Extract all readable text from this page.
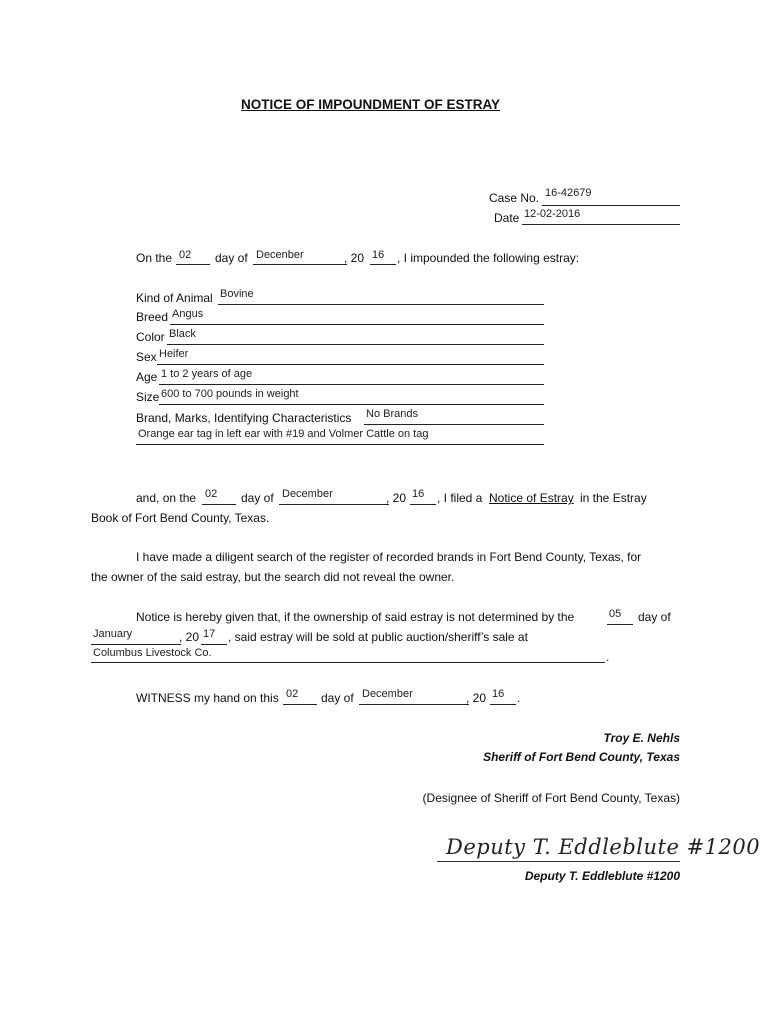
NOTICE OF IMPOUNDMENT OF ESTRAY
Case No. 16-42679
Date 12-02-2016
On the 02 day of Decenber	, 20 16 , I impounded the following estray:
Kind of Animal Bovine
Breed Angus
Color Black
Sex Heifer
Age 1 to 2 years of age
Size 600 to 700 pounds in weight
Brand, Marks, Identifying Characteristics No Brands
Orange ear tag in left ear with #19 and Volmer Cattle on tag
and, on the 02 day of December	, 20 16 , I filed a Notice of Estray in the Estray
Book of Fort Bend County, Texas.
I have made a diligent search of the register of recorded brands in Fort Bend County, Texas, for
the owner of the said estray, but the search did not reveal the owner.
Notice is hereby given that, if the ownership of said estray is not determined by the	05 day of
January	, 20 17 , said estray will be sold at public auction/sheriff’s sale at
Columbus Livestock Co.	.
WITNESS my hand on this 02 day of December	, 20 16 .
Troy E. Nehls
Sheriff of Fort Bend County, Texas
(Designee of Sheriff of Fort Bend County, Texas)
Deputy T. Eddleblute #1200
Deputy T. Eddleblute #1200
